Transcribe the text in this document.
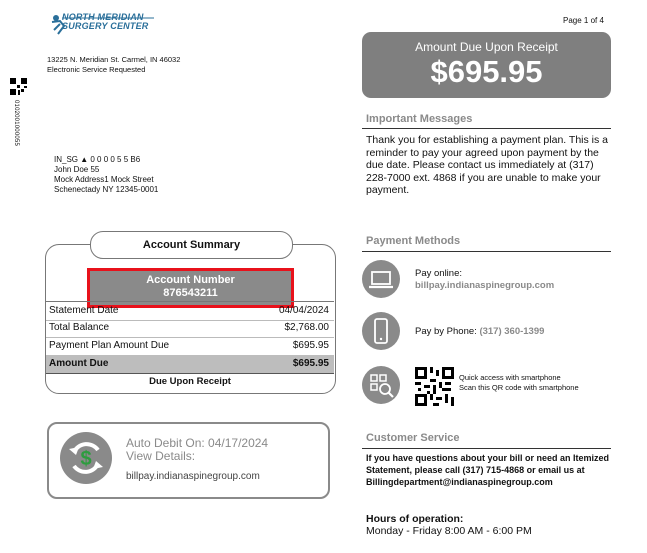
NORTH MERIDIAN
SURGERY CENTER
13225 N. Meridian St. Carmel, IN 46032
Electronic Service Requested
0102001000055
Page 1 of 4
IN_SG ▲ 0 0 0 0 5 5 B6
John Doe 55
Mock Address1 Mock Street
Schenectady NY 12345-0001
Amount Due Upon Receipt
$695.95
Important Messages
Thank you for establishing a payment plan. This is a reminder to pay your agreed upon payment by the due date. Please contact us immediately at (317) 228-7000 ext. 4868 if you are unable to make your payment.
Payment Methods
Pay online:
billpay.indianaspinegroup.com
Pay by Phone: (317) 360-1399
Quick access with smartphone
Scan this QR code with smartphone
Customer Service
If you have questions about your bill or need an Itemized Statement, please call (317) 715-4868 or email us at Billingdepartment@indianaspinegroup.com
Hours of operation:
Monday - Friday 8:00 AM - 6:00 PM
Account Summary
Account Number
876543211
Statement Date	04/04/2024
Total Balance	$2,768.00
Payment Plan Amount Due	$695.95
Amount Due	$695.95
Due Upon Receipt
$
Auto Debit On: 04/17/2024
View Details:
billpay.indianaspinegroup.com
